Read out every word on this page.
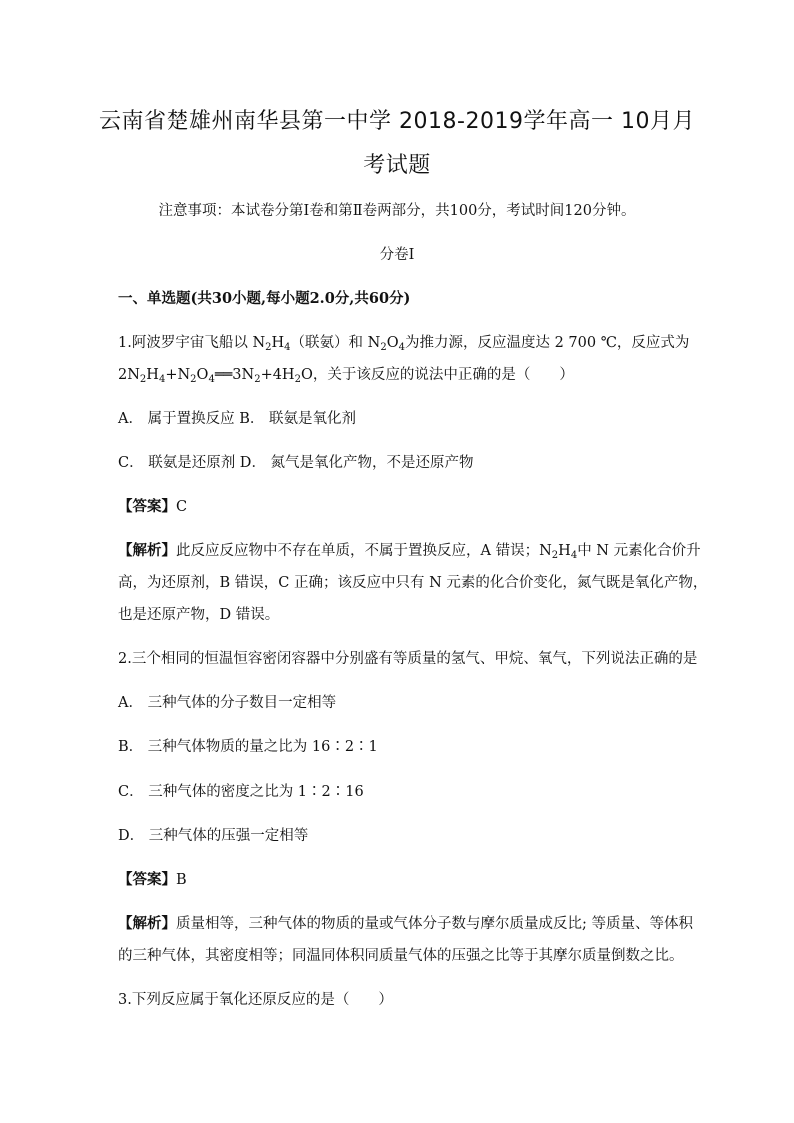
云南省楚雄州南华县第一中学 2018-2019学年高一 10月月
考试题
注意事项：本试卷分第Ⅰ卷和第Ⅱ卷两部分，共100分，考试时间120分钟。
分卷I
一、单选题(共30小题,每小题2.0分,共60分)
1.阿波罗宇宙飞船以 $N_2H_4$（联氨）和 $N_2O_4$为推力源，反应温度达 2 700 ℃，反应式为
$2N_2H_4+N_2O_4══3N_2+4H_2O$，关于该反应的说法中正确的是（　　）
A． 属于置换反应 B． 联氨是氧化剂
C． 联氨是还原剂 D． 氮气是氧化产物，不是还原产物
【答案】C
【解析】此反应反应物中不存在单质，不属于置换反应，A 错误；$N_2H_4$中 N 元素化合价升
高，为还原剂，B 错误，C 正确；该反应中只有 N 元素的化合价变化，氮气既是氧化产物，
也是还原产物，D 错误。
2.三个相同的恒温恒容密闭容器中分别盛有等质量的氢气、甲烷、氧气，下列说法正确的是
A． 三种气体的分子数目一定相等
B． 三种气体物质的量之比为 16∶2∶1
C． 三种气体的密度之比为 1∶2∶16
D． 三种气体的压强一定相等
【答案】B
【解析】质量相等，三种气体的物质的量或气体分子数与摩尔质量成反比; 等质量、等体积
的三种气体，其密度相等；同温同体积同质量气体的压强之比等于其摩尔质量倒数之比。
3.下列反应属于氧化还原反应的是（　　）
